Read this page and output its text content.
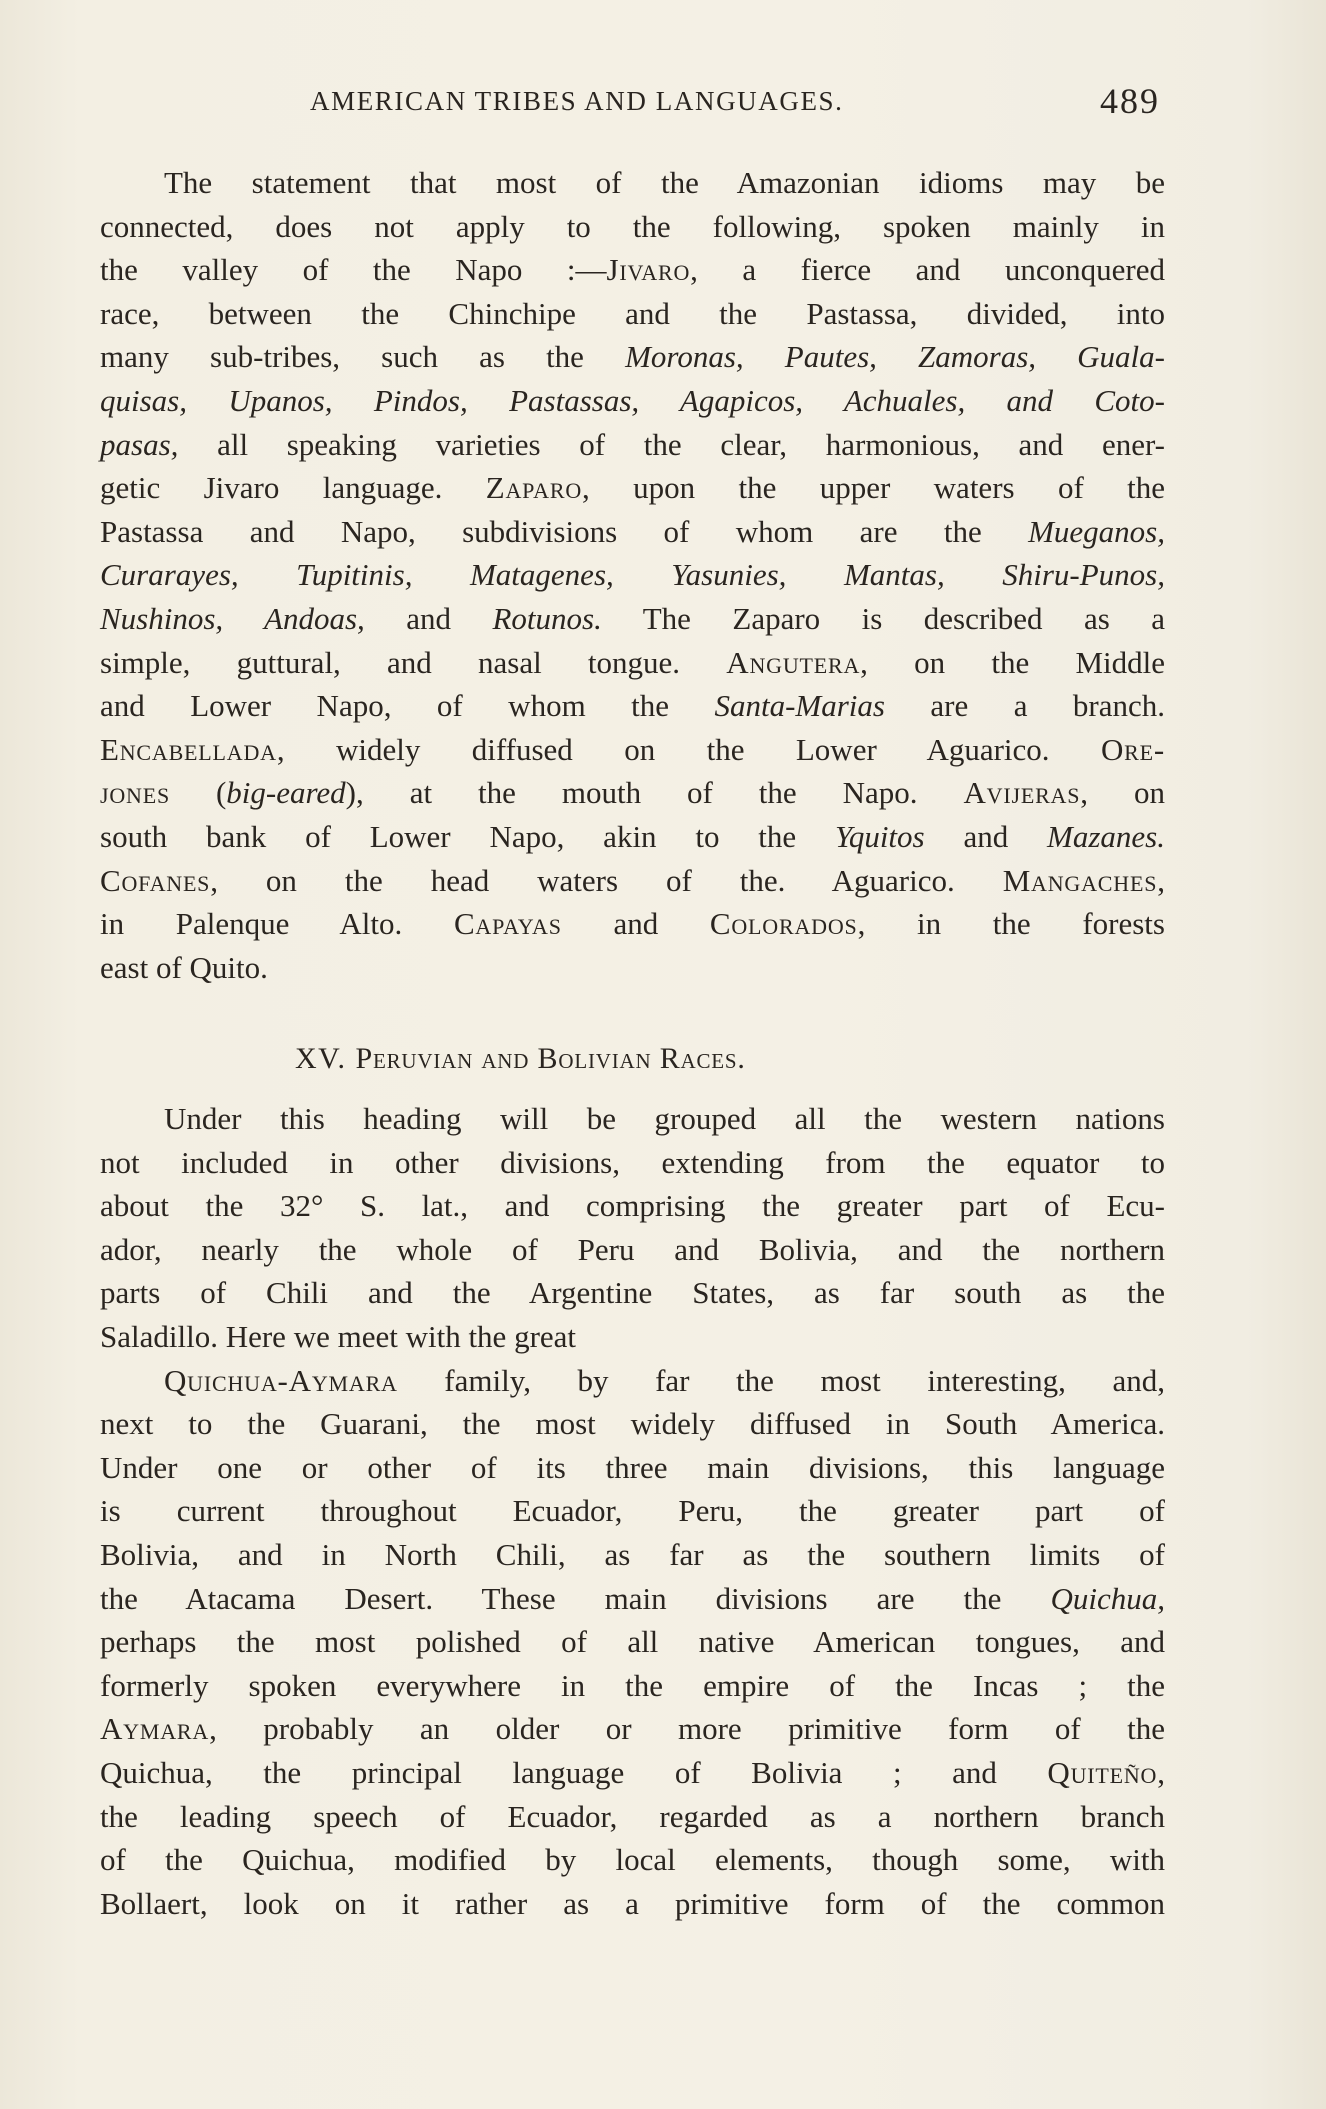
AMERICAN TRIBES AND LANGUAGES.	489
The statement that most of the Amazonian idioms may be
connected, does not apply to the following, spoken mainly in
the valley of the Napo :—Jivaro, a fierce and unconquered
race, between the Chinchipe and the Pastassa, divided, into
many sub-tribes, such as the Moronas, Pautes, Zamoras, Guala-
quisas, Upanos, Pindos, Pastassas, Agapicos, Achuales, and Coto-
pasas, all speaking varieties of the clear, harmonious, and ener-
getic Jivaro language. Zaparo, upon the upper waters of the
Pastassa and Napo, subdivisions of whom are the Mueganos,
Curarayes, Tupitinis, Matagenes, Yasunies, Mantas, Shiru-Punos,
Nushinos, Andoas, and Rotunos. The Zaparo is described as a
simple, guttural, and nasal tongue. Angutera, on the Middle
and Lower Napo, of whom the Santa-Marias are a branch.
Encabellada, widely diffused on the Lower Aguarico. Ore-
jones (big-eared), at the mouth of the Napo. Avijeras, on
south bank of Lower Napo, akin to the Yquitos and Mazanes.
Cofanes, on the head waters of the. Aguarico. Mangaches,
in Palenque Alto. Capayas and Colorados, in the forests
east of Quito.
XV. Peruvian and Bolivian Races.
Under this heading will be grouped all the western nations
not included in other divisions, extending from the equator to
about the 32° S. lat., and comprising the greater part of Ecu-
ador, nearly the whole of Peru and Bolivia, and the northern
parts of Chili and the Argentine States, as far south as the
Saladillo. Here we meet with the great
Quichua-Aymara family, by far the most interesting, and,
next to the Guarani, the most widely diffused in South America.
Under one or other of its three main divisions, this language
is current throughout Ecuador, Peru, the greater part of
Bolivia, and in North Chili, as far as the southern limits of
the Atacama Desert. These main divisions are the Quichua,
perhaps the most polished of all native American tongues, and
formerly spoken everywhere in the empire of the Incas ; the
Aymara, probably an older or more primitive form of the
Quichua, the principal language of Bolivia ; and Quiteño,
the leading speech of Ecuador, regarded as a northern branch
of the Quichua, modified by local elements, though some, with
Bollaert, look on it rather as a primitive form of the common
